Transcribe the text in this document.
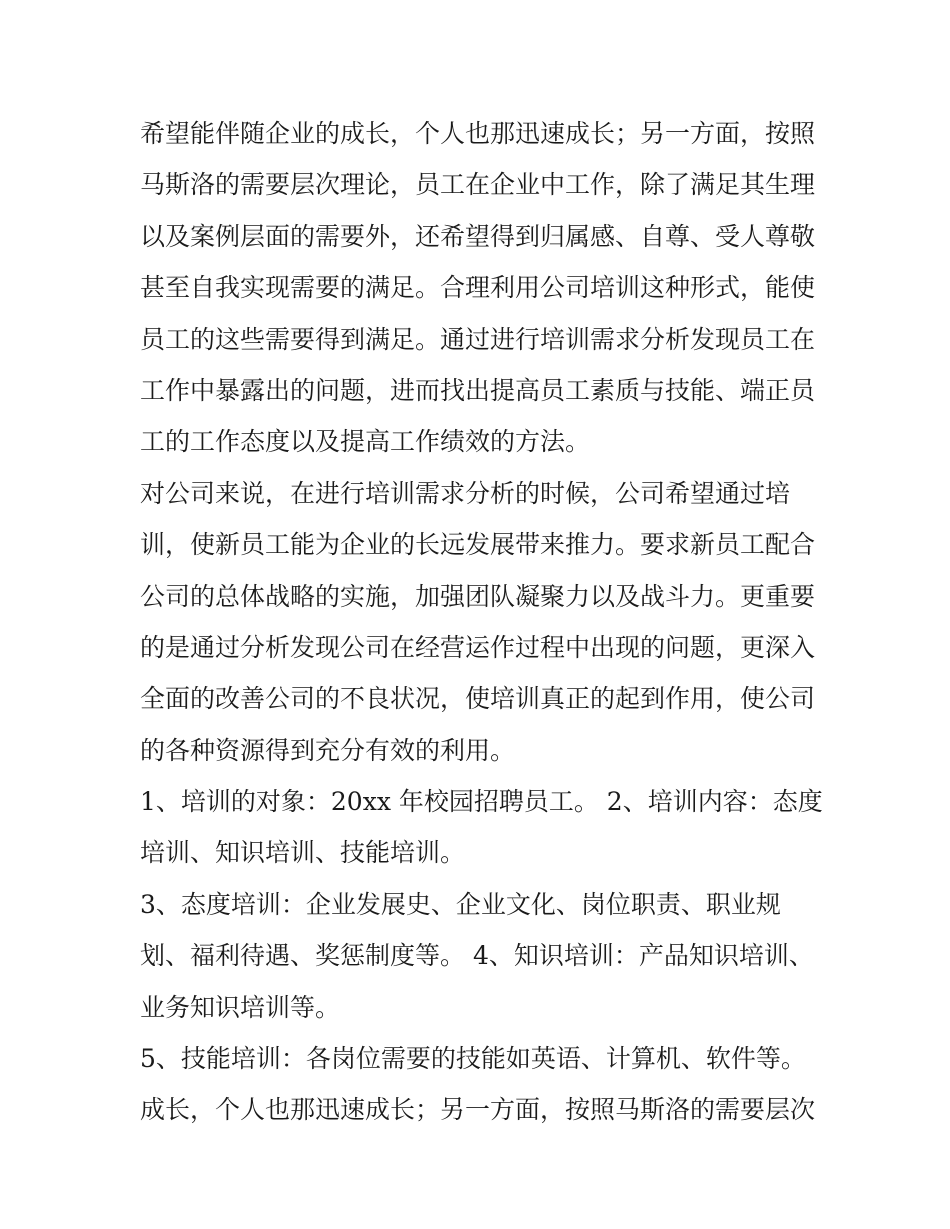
希望能伴随企业的成长，个人也那迅速成长；另一方面，按照
马斯洛的需要层次理论，员工在企业中工作，除了满足其生理
以及案例层面的需要外，还希望得到归属感、自尊、受人尊敬
甚至自我实现需要的满足。合理利用公司培训这种形式，能使
员工的这些需要得到满足。通过进行培训需求分析发现员工在
工作中暴露出的问题，进而找出提高员工素质与技能、端正员
工的工作态度以及提高工作绩效的方法。
对公司来说，在进行培训需求分析的时候，公司希望通过培
训，使新员工能为企业的长远发展带来推力。要求新员工配合
公司的总体战略的实施，加强团队凝聚力以及战斗力。更重要
的是通过分析发现公司在经营运作过程中出现的问题，更深入
全面的改善公司的不良状况，使培训真正的起到作用，使公司
的各种资源得到充分有效的利用。
1、培训的对象：20xx 年校园招聘员工。 2、培训内容：态度
培训、知识培训、技能培训。
3、态度培训：企业发展史、企业文化、岗位职责、职业规
划、福利待遇、奖惩制度等。 4、知识培训：产品知识培训、
业务知识培训等。
5、技能培训：各岗位需要的技能如英语、计算机、软件等。
成长，个人也那迅速成长；另一方面，按照马斯洛的需要层次
